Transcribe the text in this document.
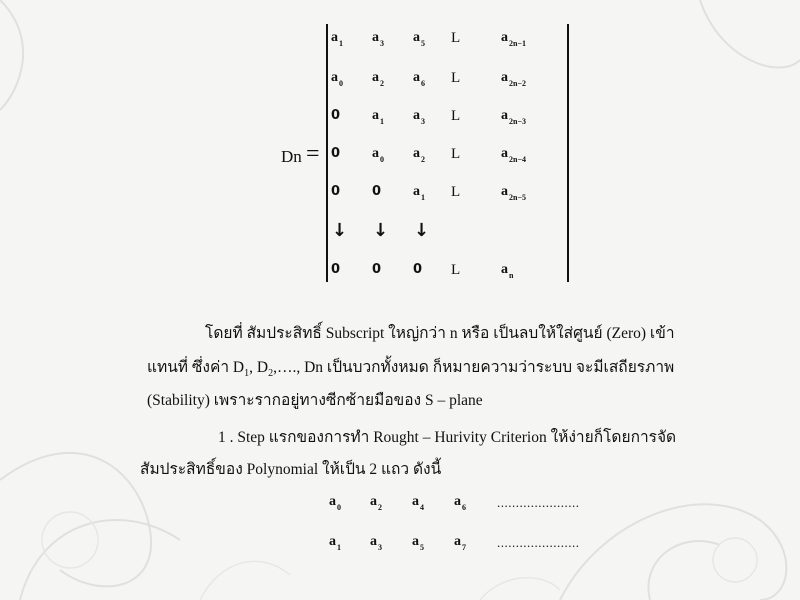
Dn =
$a_1$ $a_3$ $a_5$ L	$a_{2n-1}$
$a_0$ $a_2$ $a_6$ L	$a_{2n-2}$
0 $a_1$ $a_3$ L	$a_{2n-3}$
0 $a_0$ $a_2$ L	$a_{2n-4}$
0 0 $a_1$ L	$a_{2n-5}$
↓ ↓ ↓
0 0 0 L	$a_n$
โดยที่ สัมประสิทธิ์ Subscript ใหญ่กว่า n หรือ เป็นลบให้ใส่ศูนย์ (Zero) เข้า
แทนที่ ซึ่งค่า $D_1$, $D_2,\dots$., Dn เป็นบวกทั้งหมด ก็หมายความว่าระบบ จะมีเสถียรภาพ
(Stability) เพราะรากอยู่ทางซีกซ้ายมือของ S – plane
1 . Step แรกของการทำ Rought – Hurivity Criterion ให้ง่ายก็โดยการจัด
สัมประสิทธิ์ของ Polynomial ให้เป็น 2 แถว ดังนี้
$a_0$ $a_2$ $a_4$ $a_6$ ......................
$a_1$ $a_3$ $a_5$ $a_7$ ......................
